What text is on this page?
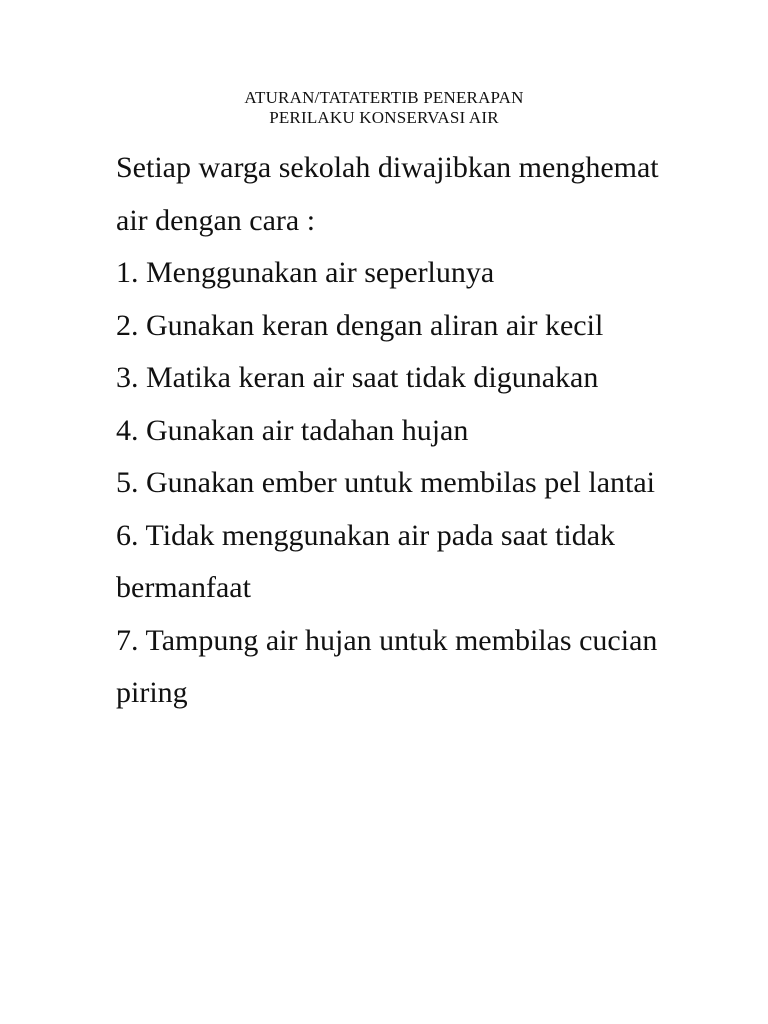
ATURAN/TATATERTIB PENERAPAN

PERILAKU KONSERVASI AIR

Setiap warga sekolah diwajibkan menghemat
air dengan cara :
1. Menggunakan air seperlunya
2. Gunakan keran dengan aliran air kecil
3. Matika keran air saat tidak digunakan
4. Gunakan air tadahan hujan
5. Gunakan ember untuk membilas pel lantai
6. Tidak menggunakan air pada saat tidak
bermanfaat
7. Tampung air hujan untuk membilas cucian
piring
